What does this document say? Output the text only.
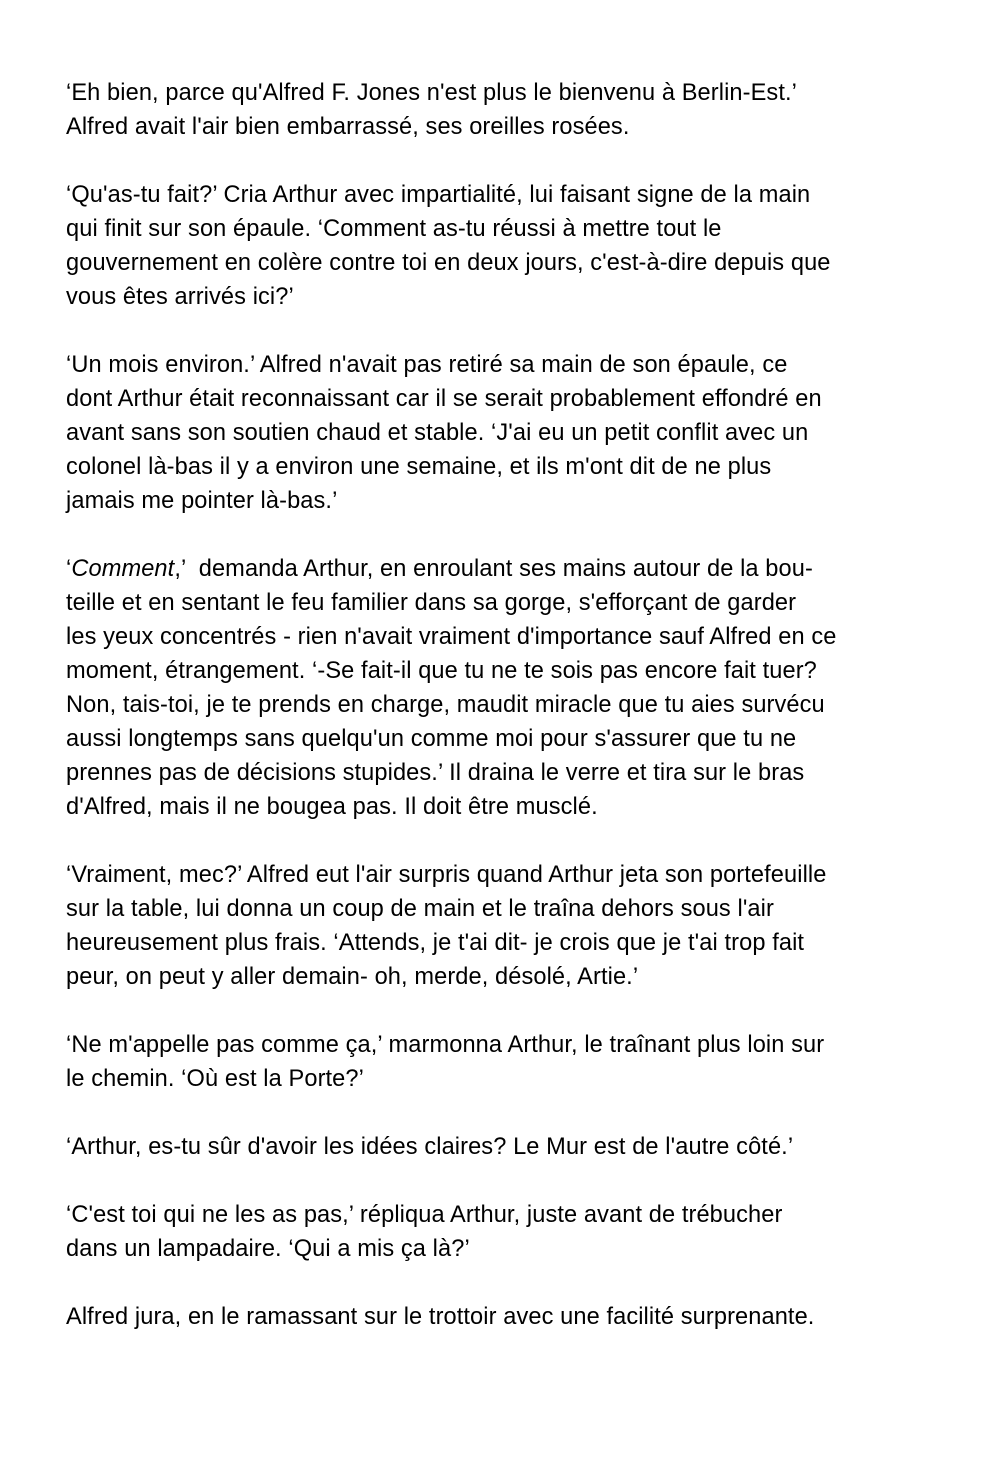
‘Eh bien, parce qu'Alfred F. Jones n'est plus le bienvenu à Berlin-Est.’
Alfred avait l'air bien embarrassé, ses oreilles rosées.

‘Qu'as-tu fait?’ Cria Arthur avec impartialité, lui faisant signe de la main
qui finit sur son épaule. ‘Comment as-tu réussi à mettre tout le
gouvernement en colère contre toi en deux jours, c'est-à-dire depuis que
vous êtes arrivés ici?’

‘Un mois environ.’ Alfred n'avait pas retiré sa main de son épaule, ce
dont Arthur était reconnaissant car il se serait probablement effondré en
avant sans son soutien chaud et stable. ‘J'ai eu un petit conflit avec un
colonel là-bas il y a environ une semaine, et ils m'ont dit de ne plus
jamais me pointer là-bas.’

‘Comment,’  demanda Arthur, en enroulant ses mains autour de la bou-
teille et en sentant le feu familier dans sa gorge, s'efforçant de garder
les yeux concentrés - rien n'avait vraiment d'importance sauf Alfred en ce
moment, étrangement. ‘-Se fait-il que tu ne te sois pas encore fait tuer?
Non, tais-toi, je te prends en charge, maudit miracle que tu aies survécu
aussi longtemps sans quelqu'un comme moi pour s'assurer que tu ne
prennes pas de décisions stupides.’ Il draina le verre et tira sur le bras
d'Alfred, mais il ne bougea pas. Il doit être musclé.

‘Vraiment, mec?’ Alfred eut l'air surpris quand Arthur jeta son portefeuille
sur la table, lui donna un coup de main et le traîna dehors sous l'air
heureusement plus frais. ‘Attends, je t'ai dit- je crois que je t'ai trop fait
peur, on peut y aller demain- oh, merde, désolé, Artie.’

‘Ne m'appelle pas comme ça,’ marmonna Arthur, le traînant plus loin sur
le chemin. ‘Où est la Porte?’

‘Arthur, es-tu sûr d'avoir les idées claires? Le Mur est de l'autre côté.’

‘C'est toi qui ne les as pas,’ répliqua Arthur, juste avant de trébucher
dans un lampadaire. ‘Qui a mis ça là?’

Alfred jura, en le ramassant sur le trottoir avec une facilité surprenante.
